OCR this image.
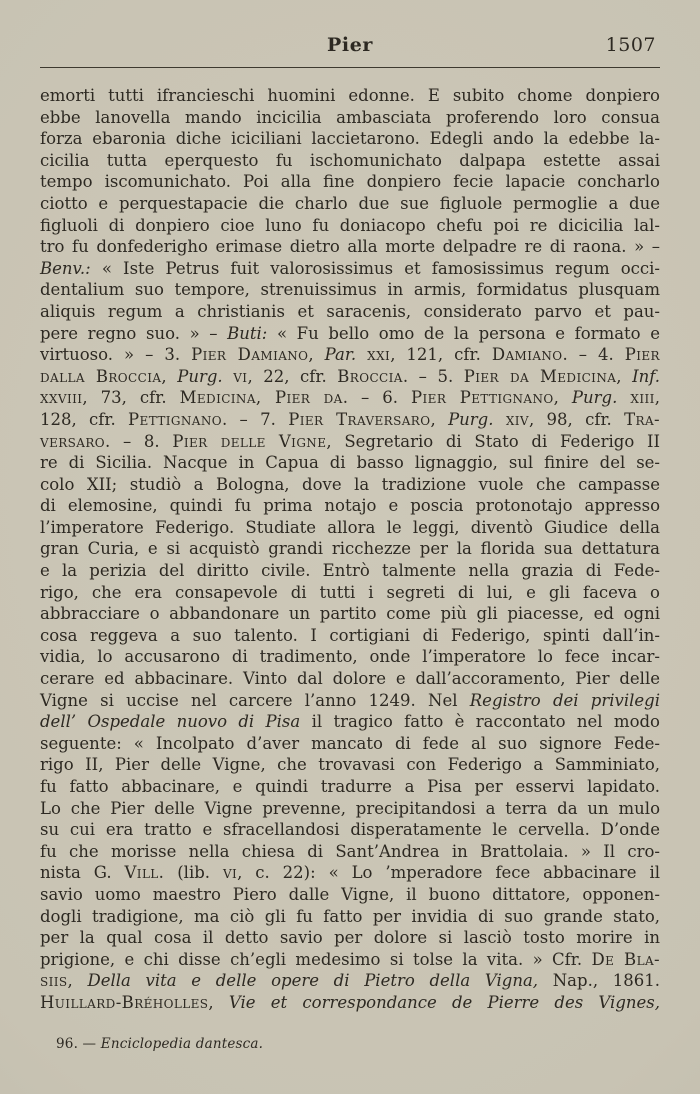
Pier	1507
emorti tutti ifrancieschi huomini edonne. E subito chome donpiero
ebbe lanovella mando incicilia ambasciata proferendo loro consua
forza ebaronia diche iciciliani laccietarono. Edegli ando la edebbe la-
cicilia tutta eperquesto fu ischomunichato dalpapa estette assai
tempo iscomunichato. Poi alla fine donpiero fecie lapacie concharlo
ciotto e perquestapacie die charlo due sue figluole permoglie a due
figluoli di donpiero cioe luno fu doniacopo chefu poi re dicicilia lal-
tro fu donfederigho erimase dietro alla morte delpadre re di raona. » –
Benv.: « Iste Petrus fuit valorosissimus et famosissimus regum occi-
dentalium suo tempore, strenuissimus in armis, formidatus plusquam
aliquis regum a christianis et saracenis, considerato parvo et pau-
pere regno suo. » – Buti: « Fu bello omo de la persona e formato e
virtuoso. » – 3. Pier Damiano, Par. xxi, 121, cfr. Damiano. – 4. Pier
dalla Broccia, Purg. vi, 22, cfr. Broccia. – 5. Pier da Medicina, Inf.
xxviii, 73, cfr. Medicina, Pier da. – 6. Pier Pettignano, Purg. xiii,
128, cfr. Pettignano. – 7. Pier Traversaro, Purg. xiv, 98, cfr. Tra-
versaro. – 8. Pier delle Vigne, Segretario di Stato di Federigo II
re di Sicilia. Nacque in Capua di basso lignaggio, sul finire del se-
colo XII; studiò a Bologna, dove la tradizione vuole che campasse
di elemosine, quindi fu prima notajo e poscia protonotajo appresso
l’imperatore Federigo. Studiate allora le leggi, diventò Giudice della
gran Curia, e si acquistò grandi ricchezze per la florida sua dettatura
e la perizia del diritto civile. Entrò talmente nella grazia di Fede-
rigo, che era consapevole di tutti i segreti di lui, e gli faceva o
abbracciare o abbandonare un partito come più gli piacesse, ed ogni
cosa reggeva a suo talento. I cortigiani di Federigo, spinti dall’in-
vidia, lo accusarono di tradimento, onde l’imperatore lo fece incar-
cerare ed abbacinare. Vinto dal dolore e dall’accoramento, Pier delle
Vigne si uccise nel carcere l’anno 1249. Nel Registro dei privilegi
dell’ Ospedale nuovo di Pisa il tragico fatto è raccontato nel modo
seguente: « Incolpato d’aver mancato di fede al suo signore Fede-
rigo II, Pier delle Vigne, che trovavasi con Federigo a Samminiato,
fu fatto abbacinare, e quindi tradurre a Pisa per esservi lapidato.
Lo che Pier delle Vigne prevenne, precipitandosi a terra da un mulo
su cui era tratto e sfracellandosi disperatamente le cervella. D’onde
fu che morisse nella chiesa di Sant’Andrea in Brattolaia. » Il cro-
nista G. Vill. (lib. vi, c. 22): « Lo ’mperadore fece abbacinare il
savio uomo maestro Piero dalle Vigne, il buono dittatore, opponen-
dogli tradigione, ma ciò gli fu fatto per invidia di suo grande stato,
per la qual cosa il detto savio per dolore si lasciò tosto morire in
prigione, e chi disse ch’egli medesimo si tolse la vita. » Cfr. De Bla-
siis, Della vita e delle opere di Pietro della Vigna, Nap., 1861.
Huillard-Bréholles, Vie et correspondance de Pierre des Vignes,
96. — Enciclopedia dantesca.
